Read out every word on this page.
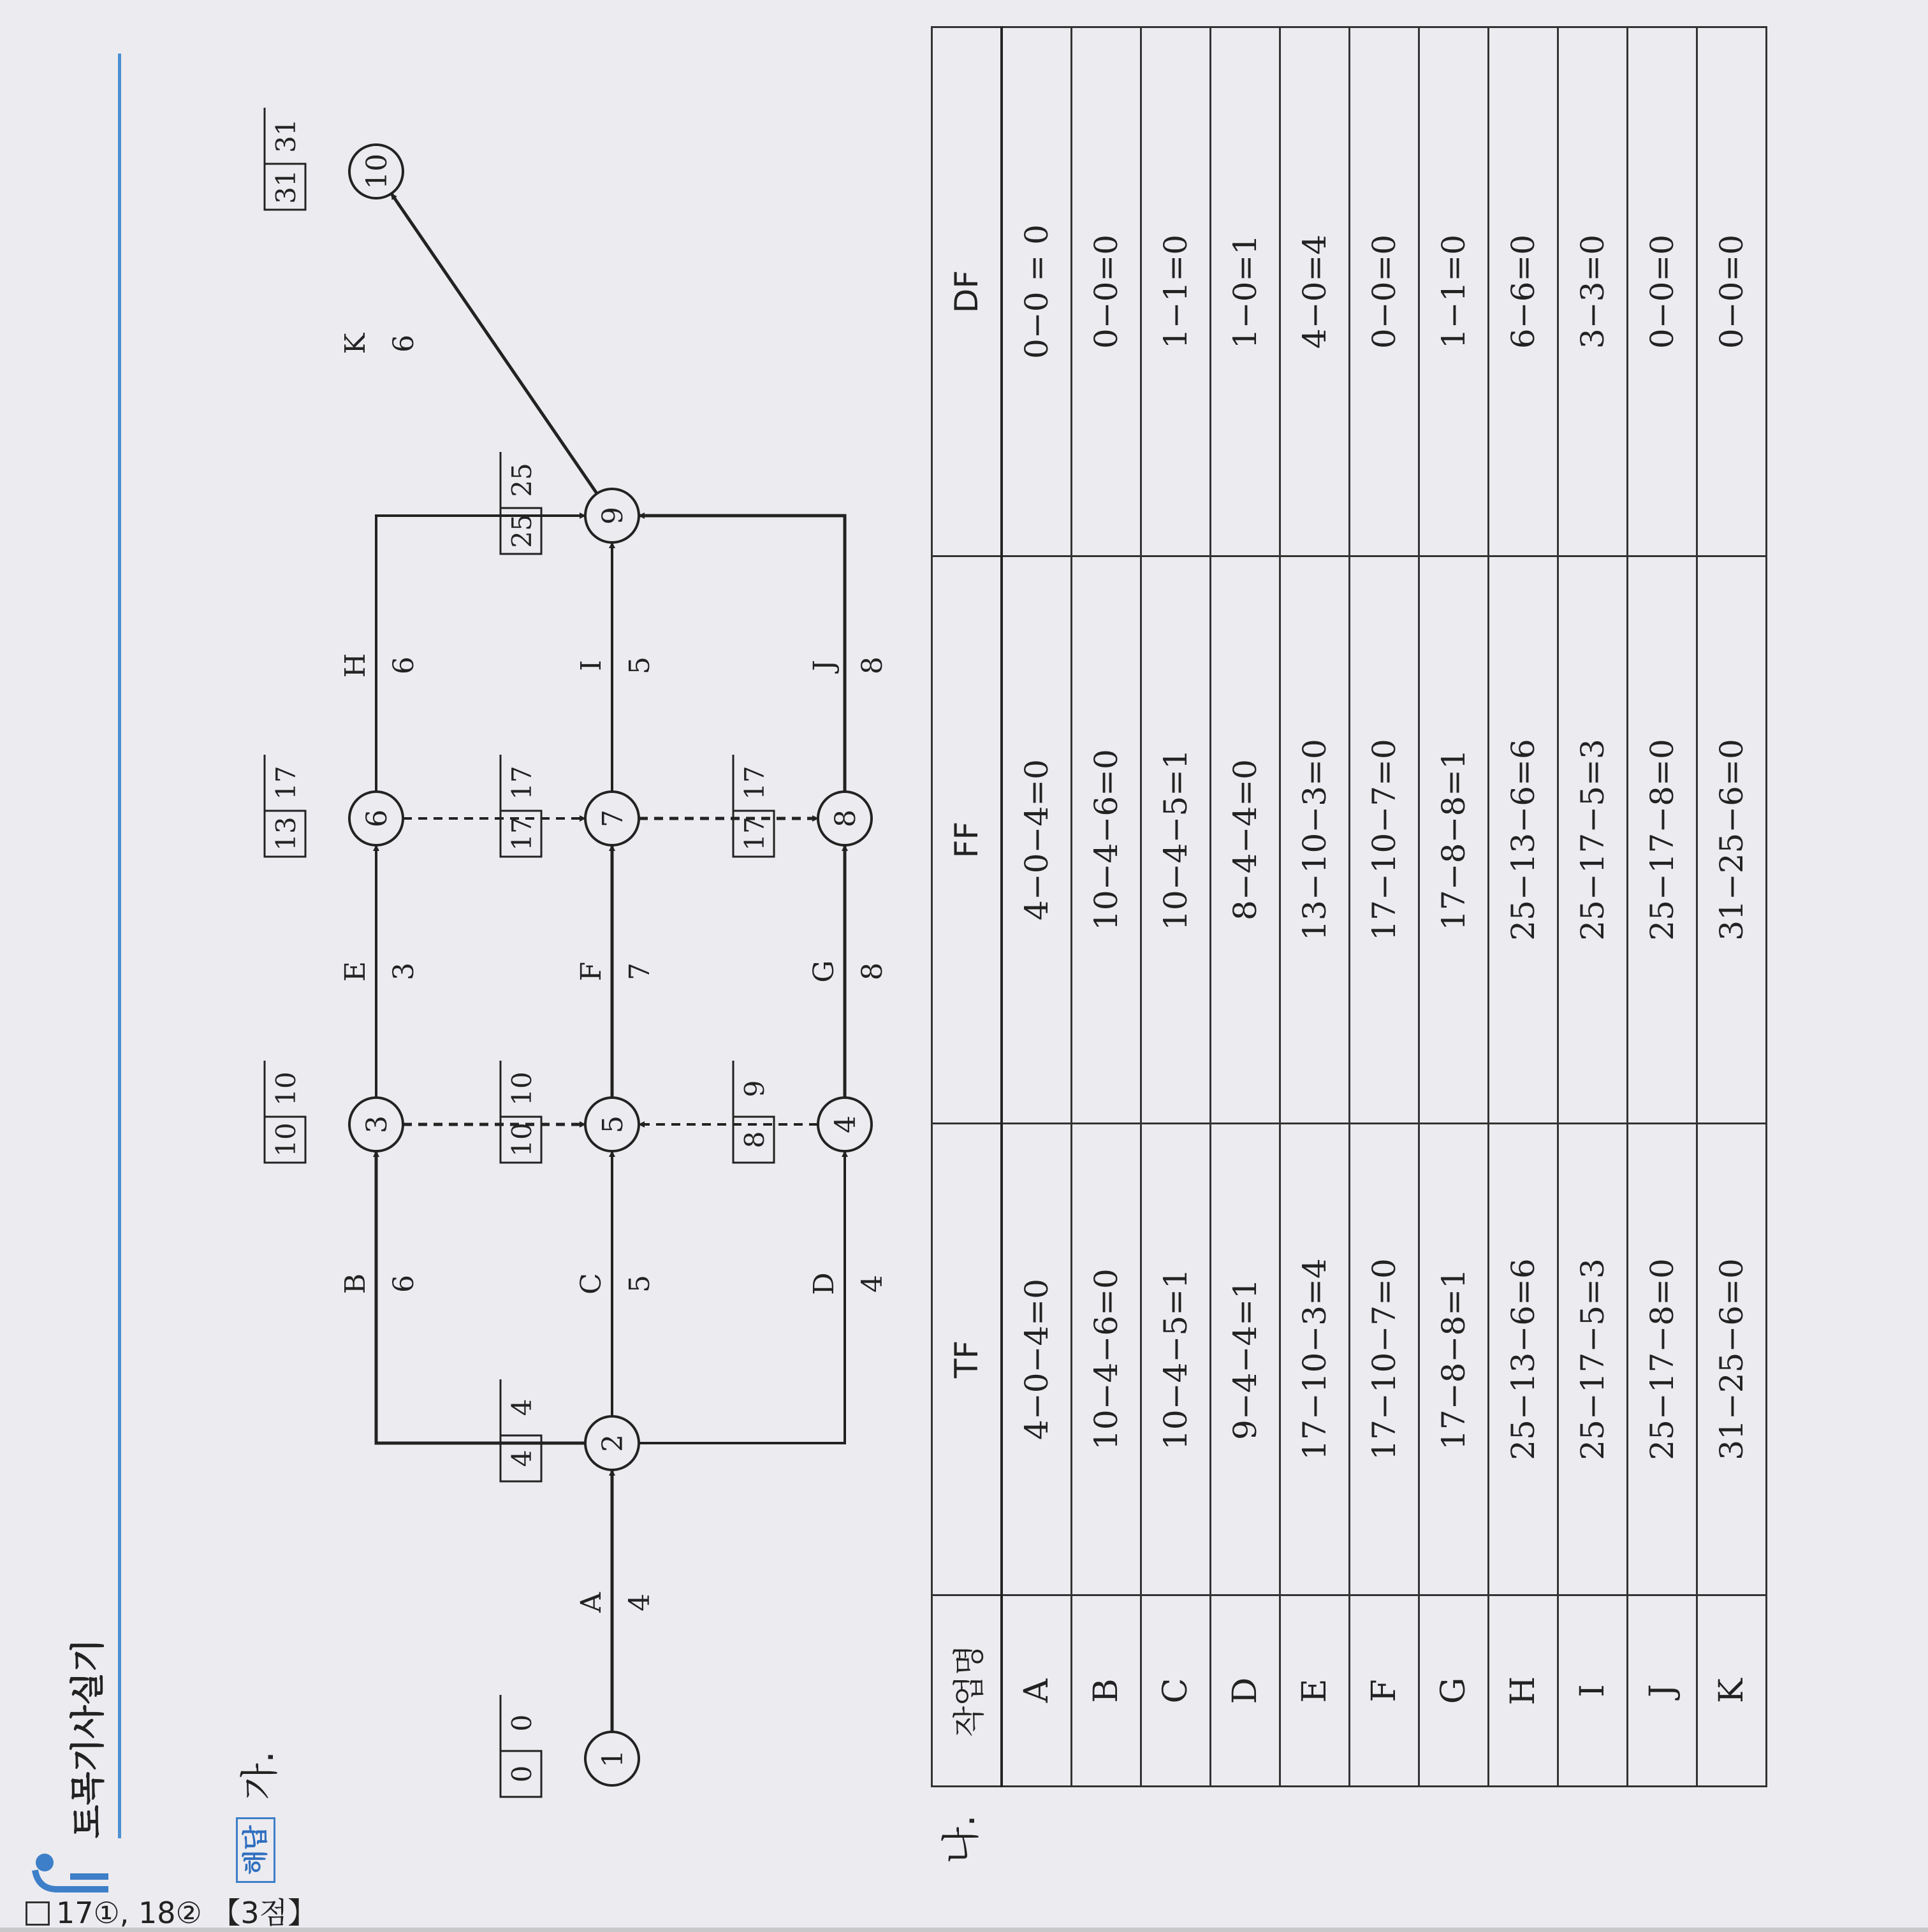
토목기사실기
해답
가.
나.
1
2
3	4
5
6	7	8
9
10
0
0
4
4
10
10
8
9
10
10
13
17
17
17
17
17
25
25
31
31
A 4
B 6	C 5	D 4
E 3	F 7	G 8
H 6	I 5	J 8
K 6
작업명	TF	FF	DF
A	4−0−4=0	4−0−4=0	0−0 = 0
B	10−4−6=0	10−4−6=0	0−0=0
C	10−4−5=1	10−4−5=1	1−1=0
D	9−4−4=1	8−4−4=0	1−0=1
E	17−10−3=4	13−10−3=0	4−0=4
F	17−10−7=0	17−10−7=0	0−0=0
G	17−8−8=1	17−8−8=1	1−1=0
H	25−13−6=6	25−13−6=6	6−6=0
I	25−17−5=3	25−17−5=3	3−3=0
J	25−17−8=0	25−17−8=0	0−0=0
K	31−25−6=0	31−25−6=0	0−0=0
17①, 18② 【3점】
